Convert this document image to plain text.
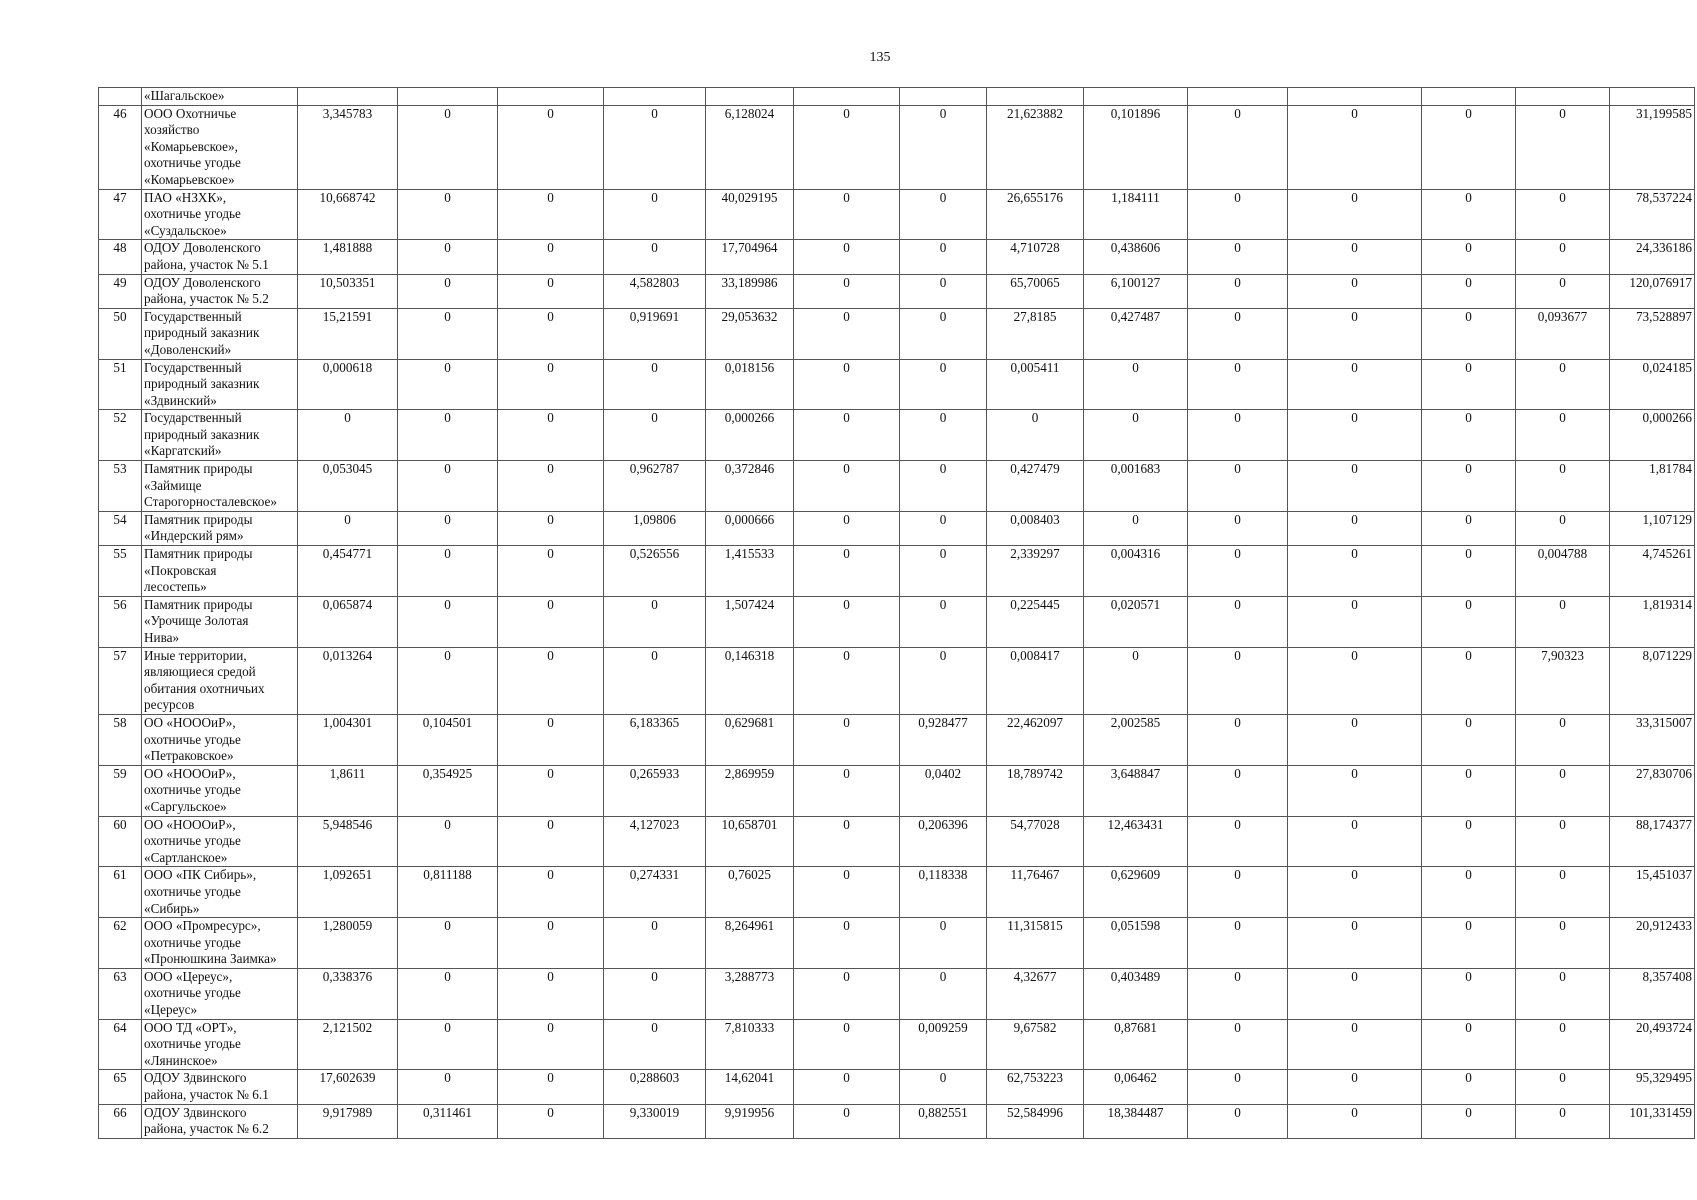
135

	«Шагальское»														

46	ООО Охотничье
хозяйство
«Комарьевское»,
охотничье угодье
«Комарьевское»	3,345783	0	0	0	6,128024	0	0	21,623882	0,101896	0	0	0	0	31,199585
47	ПАО «НЗХК»,
охотничье угодье
«Суздальское»	10,668742	0	0	0	40,029195	0	0	26,655176	1,184111	0	0	0	0	78,537224
48	ОДОУ Доволенского
района, участок № 5.1	1,481888	0	0	0	17,704964	0	0	4,710728	0,438606	0	0	0	0	24,336186
49	ОДОУ Доволенского
района, участок № 5.2	10,503351	0	0	4,582803	33,189986	0	0	65,70065	6,100127	0	0	0	0	120,076917
50	Государственный
природный заказник
«Доволенский»	15,21591	0	0	0,919691	29,053632	0	0	27,8185	0,427487	0	0	0	0,093677	73,528897
51	Государственный
природный заказник
«Здвинский»	0,000618	0	0	0	0,018156	0	0	0,005411	0	0	0	0	0	0,024185
52	Государственный
природный заказник
«Каргатский»	0	0	0	0	0,000266	0	0	0	0	0	0	0	0	0,000266
53	Памятник природы
«Займище
Старогорносталевское»	0,053045	0	0	0,962787	0,372846	0	0	0,427479	0,001683	0	0	0	0	1,81784
54	Памятник природы
«Индерский рям»	0	0	0	1,09806	0,000666	0	0	0,008403	0	0	0	0	0	1,107129
55	Памятник природы
«Покровская
лесостепь»	0,454771	0	0	0,526556	1,415533	0	0	2,339297	0,004316	0	0	0	0,004788	4,745261
56	Памятник природы
«Урочище Золотая
Нива»	0,065874	0	0	0	1,507424	0	0	0,225445	0,020571	0	0	0	0	1,819314
57	Иные территории,
являющиеся средой
обитания охотничьих
ресурсов	0,013264	0	0	0	0,146318	0	0	0,008417	0	0	0	0	7,90323	8,071229
58	ОО «НОООиР»,
охотничье угодье
«Петраковское»	1,004301	0,104501	0	6,183365	0,629681	0	0,928477	22,462097	2,002585	0	0	0	0	33,315007
59	ОО «НОООиР»,
охотничье угодье
«Саргульское»	1,8611	0,354925	0	0,265933	2,869959	0	0,0402	18,789742	3,648847	0	0	0	0	27,830706
60	ОО «НОООиР»,
охотничье угодье
«Сартланское»	5,948546	0	0	4,127023	10,658701	0	0,206396	54,77028	12,463431	0	0	0	0	88,174377
61	ООО «ПК Сибирь»,
охотничье угодье
«Сибирь»	1,092651	0,811188	0	0,274331	0,76025	0	0,118338	11,76467	0,629609	0	0	0	0	15,451037
62	ООО «Промресурс»,
охотничье угодье
«Пронюшкина Заимка»	1,280059	0	0	0	8,264961	0	0	11,315815	0,051598	0	0	0	0	20,912433
63	ООО «Цереус»,
охотничье угодье
«Цереус»	0,338376	0	0	0	3,288773	0	0	4,32677	0,403489	0	0	0	0	8,357408
64	ООО ТД «ОРТ»,
охотничье угодье
«Лянинское»	2,121502	0	0	0	7,810333	0	0,009259	9,67582	0,87681	0	0	0	0	20,493724
65	ОДОУ Здвинского
района, участок № 6.1	17,602639	0	0	0,288603	14,62041	0	0	62,753223	0,06462	0	0	0	0	95,329495
66	ОДОУ Здвинского
района, участок № 6.2	9,917989	0,311461	0	9,330019	9,919956	0	0,882551	52,584996	18,384487	0	0	0	0	101,331459
